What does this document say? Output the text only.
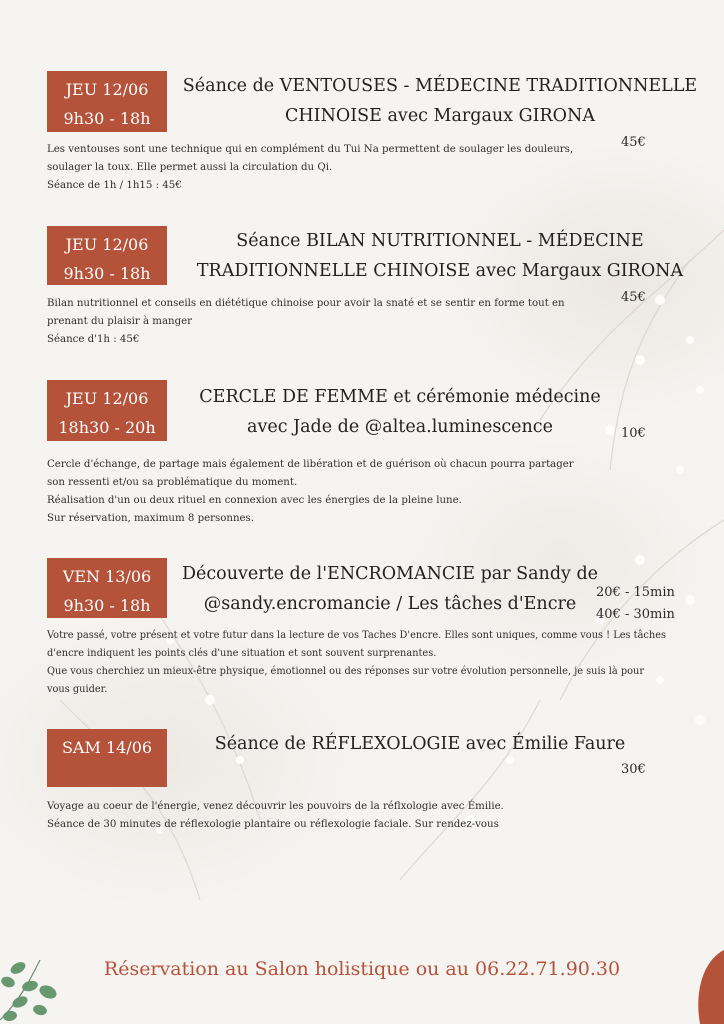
JEU 12/06
9h30 - 18h
Séance de VENTOUSES - MÉDECINE TRADITIONNELLE
CHINOISE avec Margaux GIRONA
45€
Les ventouses sont une technique qui en complément du Tui Na permettent de soulager les douleurs,
soulager la toux. Elle permet aussi la circulation du Qi.
Séance de 1h / 1h15 : 45€
JEU 12/06
9h30 - 18h
Séance BILAN NUTRITIONNEL - MÉDECINE
TRADITIONNELLE CHINOISE avec Margaux GIRONA
45€
Bilan nutritionnel et conseils en diététique chinoise pour avoir la snaté et se sentir en forme tout en
prenant du plaisir à manger
Séance d'1h : 45€
JEU 12/06
18h30 - 20h
CERCLE DE FEMME et cérémonie médecine
avec Jade de @altea.luminescence	10€
Cercle d'échange, de partage mais également de libération et de guérison où chacun pourra partager
son ressenti et/ou sa problématique du moment.
Réalisation d'un ou deux rituel en connexion avec les énergies de la pleine lune.
Sur réservation, maximum 8 personnes.
VEN 13/06
9h30 - 18h
Découverte de l'ENCROMANCIE par Sandy de
@sandy.encromancie / Les tâches d'Encre
20€ - 15min
40€ - 30min
Votre passé, votre présent et votre futur dans la lecture de vos Taches D'encre. Elles sont uniques, comme vous ! Les tâches
d'encre indiquent les points clés d'une situation et sont souvent surprenantes.
Que vous cherchiez un mieux-être physique, émotionnel ou des réponses sur votre évolution personnelle, je suis là pour
vous guider.
SAM 14/06	Séance de RÉFLEXOLOGIE avec Émilie Faure
30€
Voyage au coeur de l'énergie, venez découvrir les pouvoirs de la réflxologie avec Émilie.
Séance de 30 minutes de réflexologie plantaire ou réflexologie faciale. Sur rendez-vous
Réservation au Salon holistique ou au 06.22.71.90.30
